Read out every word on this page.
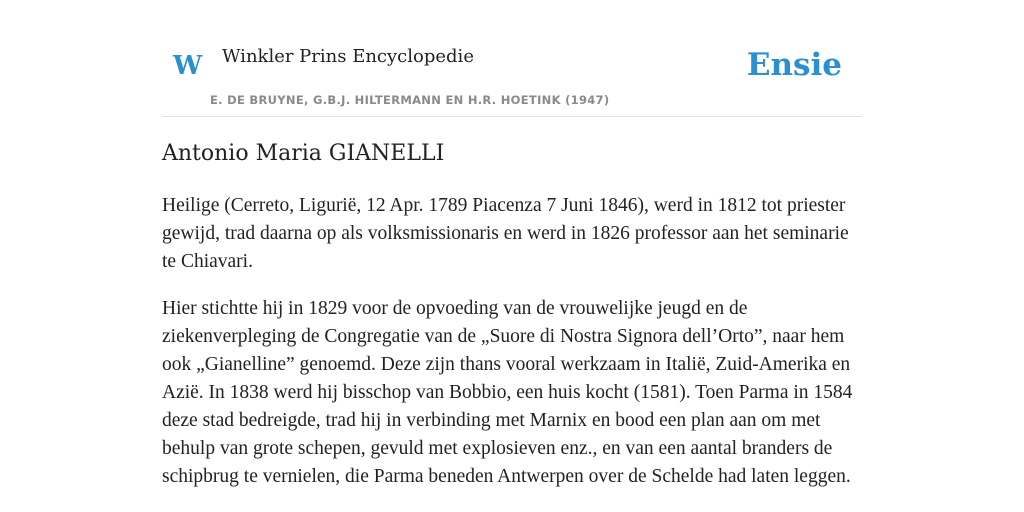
W Winkler Prins Encyclopedie
E. DE BRUYNE, G.B.J. HILTERMANN EN H.R. HOETINK (1947)
Ensie
Antonio Maria GIANELLI

Heilige (Cerreto, Ligurië, 12 Apr. 1789 Piacenza 7 Juni 1846), werd in 1812 tot priester gewijd, trad daarna op als volksmissionaris en werd in 1826 professor aan het seminarie te Chiavari.

Hier stichtte hij in 1829 voor de opvoeding van de vrouwelijke jeugd en de ziekenverpleging de Congregatie van de „Suore di Nostra Signora dell’Orto”, naar hem ook „Gianelline” genoemd. Deze zijn thans vooral werkzaam in Italië, Zuid-Amerika en Azië. In 1838 werd hij bisschop van Bobbio, een huis kocht (1581). Toen Parma in 1584 deze stad bedreigde, trad hij in verbinding met Marnix en bood een plan aan om met behulp van grote schepen, gevuld met explosieven enz., en van een aantal branders de schipbrug te vernielen, die Parma beneden Antwerpen over de Schelde had laten leggen.
